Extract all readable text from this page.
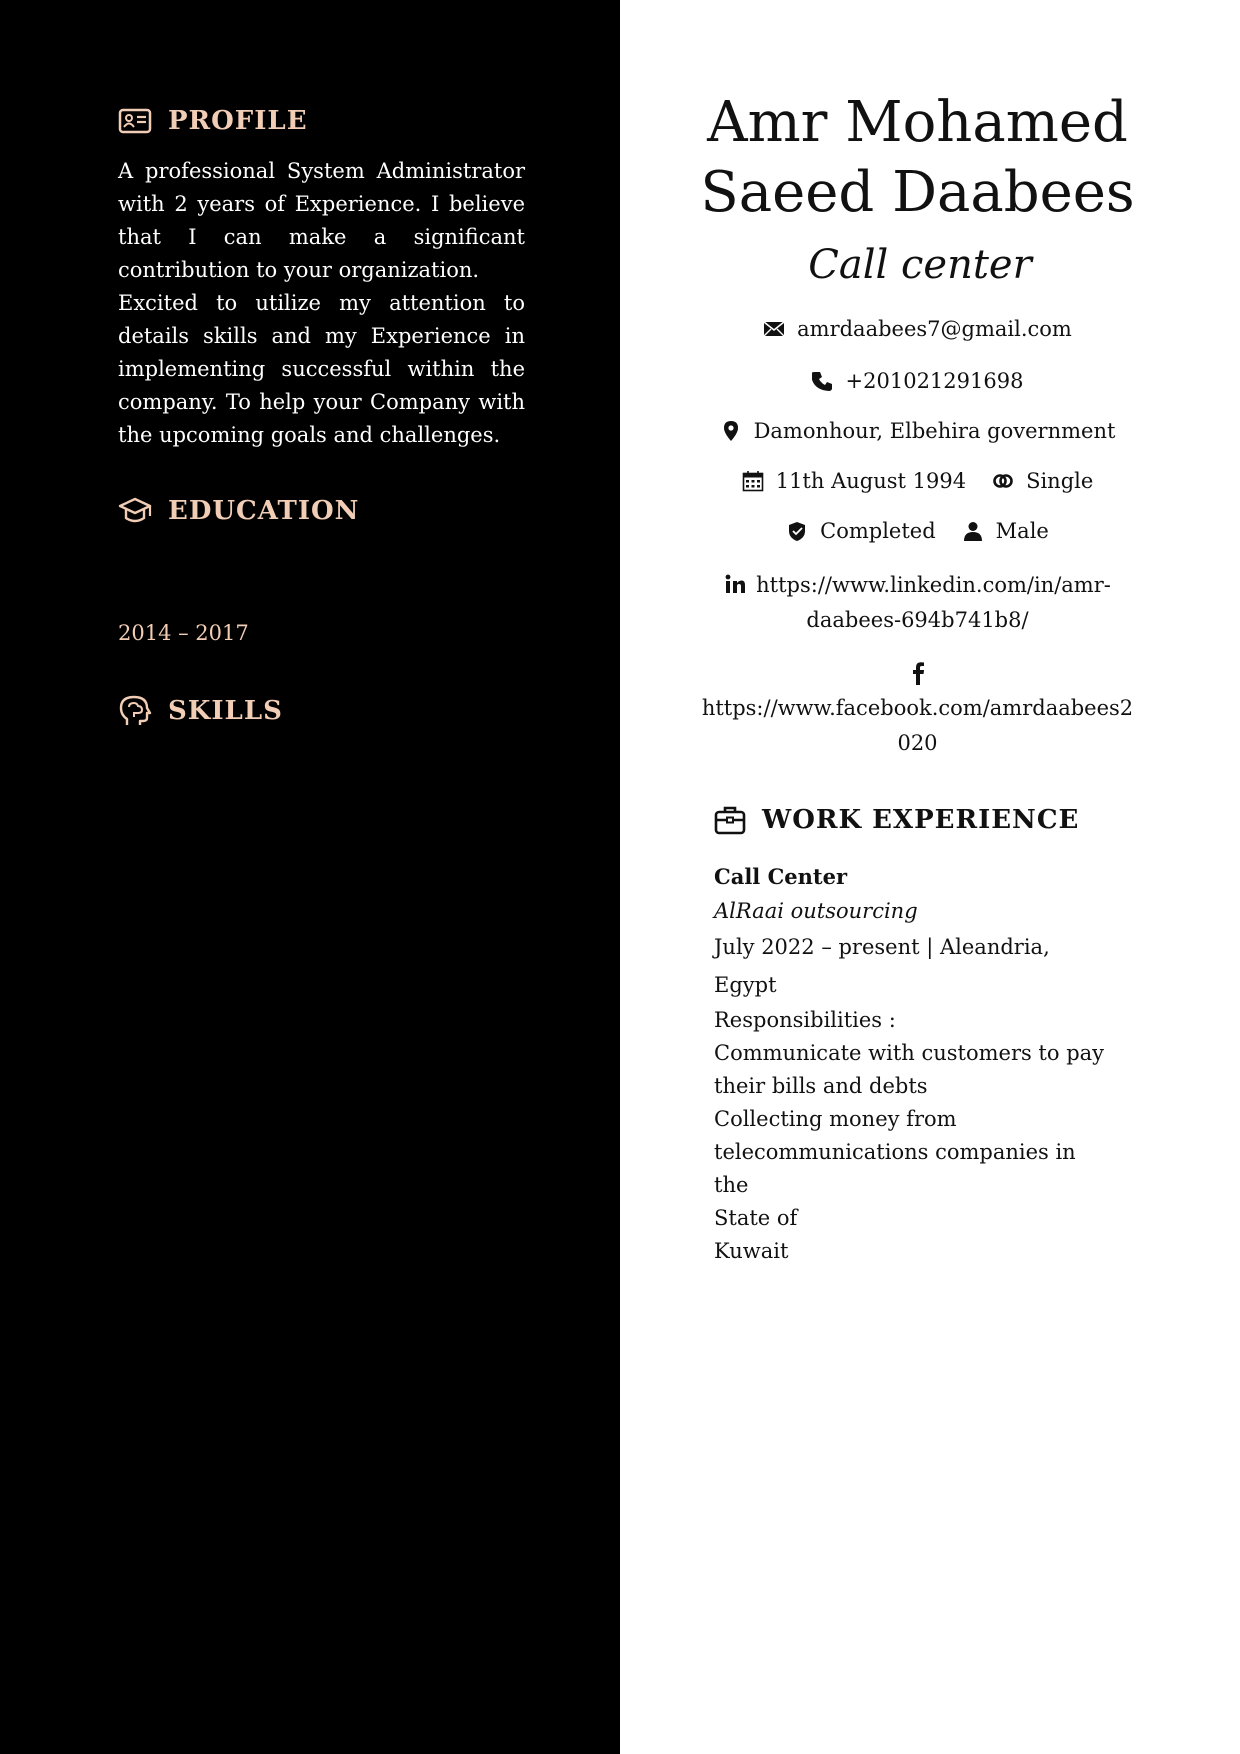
PROFILE

A professional System Administrator with 2 years of Experience. I believe that I can make a significant contribution to your organization.

Excited to utilize my attention to details skills and my Experience in implementing successful within the company. To help your Company with the upcoming goals and challenges.

EDUCATION
Bachelor of information systems
King Marriott institute
2014 – 2017 | Alexandria, Egypt
SKILLS
Microsoft Office: (Word, Excell, powerpoint),
HTML, Customer service, Teamwork,
Leadership
Amr Mohamed
Saeed Daabees
Call center
amrdaabees7@gmail.com
+201021291698
Damonhour, Elbehira government
11th August 1994	Single
Completed	Male
https://www.linkedin.com/in/amr-
daabees-694b741b8/
https://www.facebook.com/amrdaabees2
020
WORK EXPERIENCE
Call Center
AlRaai outsourcing
July 2022 – present | Aleandria, Egypt
Responsibilities :
Communicate with customers to pay
their bills and debts
Collecting money from
telecommunications companies in the
State of
Kuwait
